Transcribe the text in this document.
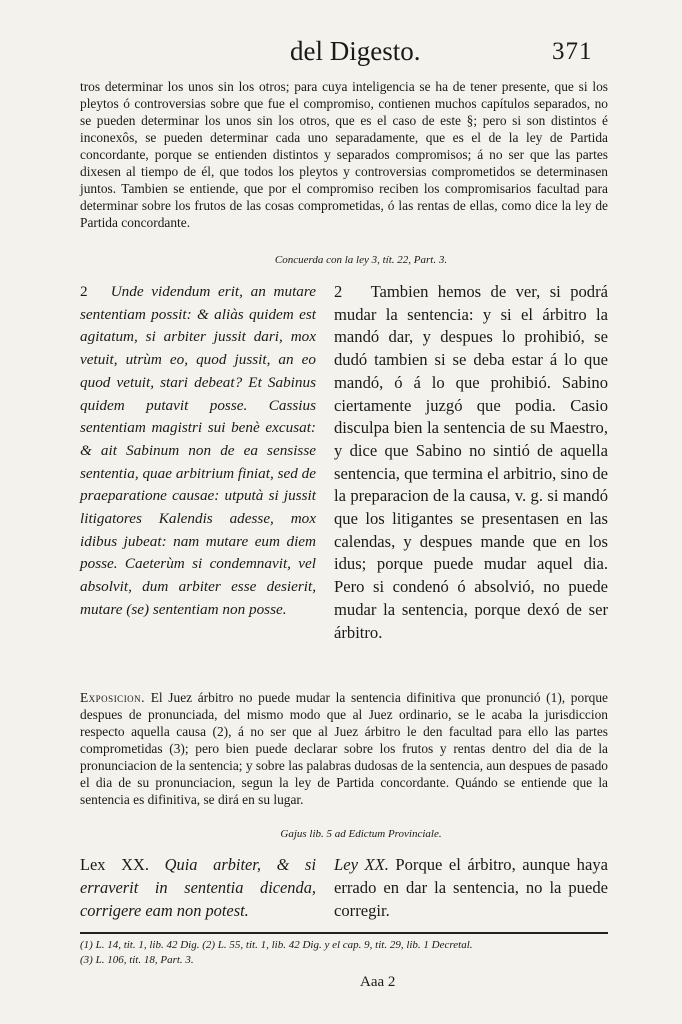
del Digesto.	371
tros determinar los unos sin los otros; para cuya inteligencia se ha de tener presente, que si los pleytos ó controversias sobre que fue el compromiso, contienen muchos capítulos separados, no se pueden determinar los unos sin los otros, que es el caso de este §; pero si son distintos é inconexôs, se pueden determinar cada uno separadamente, que es el de la ley de Partida concordante, porque se entienden distintos y separados compromisos; á no ser que las partes dixesen al tiempo de él, que todos los pleytos y controversias comprometidos se determinasen juntos. Tambien se entiende, que por el compromiso reciben los compromisarios facultad para determinar sobre los frutos de las cosas comprometidas, ó las rentas de ellas, como dice la ley de Partida concordante.
Concuerda con la ley 3, tít. 22, Part. 3.
2 Unde videndum erit, an mutare sententiam possit: & aliàs quidem est agitatum, si arbiter jussit dari, mox vetuit, utrùm eo, quod jussit, an eo quod vetuit, stari debeat? Et Sabinus quidem putavit posse. Cassius sententiam magistri sui benè excusat: & ait Sabinum non de ea sensisse sententia, quae arbitrium finiat, sed de praeparatione causae: utputà si jussit litigatores Kalendis adesse, mox idibus jubeat: nam mutare eum diem posse. Caeterùm si condemnavit, vel absolvit, dum arbiter esse desierit, mutare (se) sententiam non posse.
2 Tambien hemos de ver, si podrá mudar la sentencia: y si el árbitro la mandó dar, y despues lo prohibió, se dudó tambien si se deba estar á lo que mandó, ó á lo que prohibió. Sabino ciertamente juzgó que podia. Casio disculpa bien la sentencia de su Maestro, y dice que Sabino no sintió de aquella sentencia, que termina el arbitrio, sino de la preparacion de la causa, v. g. si mandó que los litigantes se presentasen en las calendas, y despues mande que en los idus; porque puede mudar aquel dia. Pero si condenó ó absolvió, no puede mudar la sentencia, porque dexó de ser árbitro.
Exposicion. El Juez árbitro no puede mudar la sentencia difinitiva que pronunció (1), porque despues de pronunciada, del mismo modo que al Juez ordinario, se le acaba la jurisdiccion respecto aquella causa (2), á no ser que al Juez árbitro le den facultad para ello las partes comprometidas (3); pero bien puede declarar sobre los frutos y rentas dentro del dia de la pronunciacion de la sentencia; y sobre las palabras dudosas de la sentencia, aun despues de pasado el dia de su pronunciacion, segun la ley de Partida concordante. Quándo se entiende que la sentencia es difinitiva, se dirá en su lugar.
Gajus lib. 5 ad Edictum Provinciale.
Lex XX. Quia arbiter, & si erraverit in sententia dicenda, corrigere eam non potest.
Ley XX. Porque el árbitro, aunque haya errado en dar la sentencia, no la puede corregir.
(1) L. 14, tit. 1, lib. 42 Dig. (2) L. 55, tit. 1, lib. 42 Dig. y el cap. 9, tit. 29, lib. 1 Decretal.
(3) L. 106, tit. 18, Part. 3.
Aaa 2
